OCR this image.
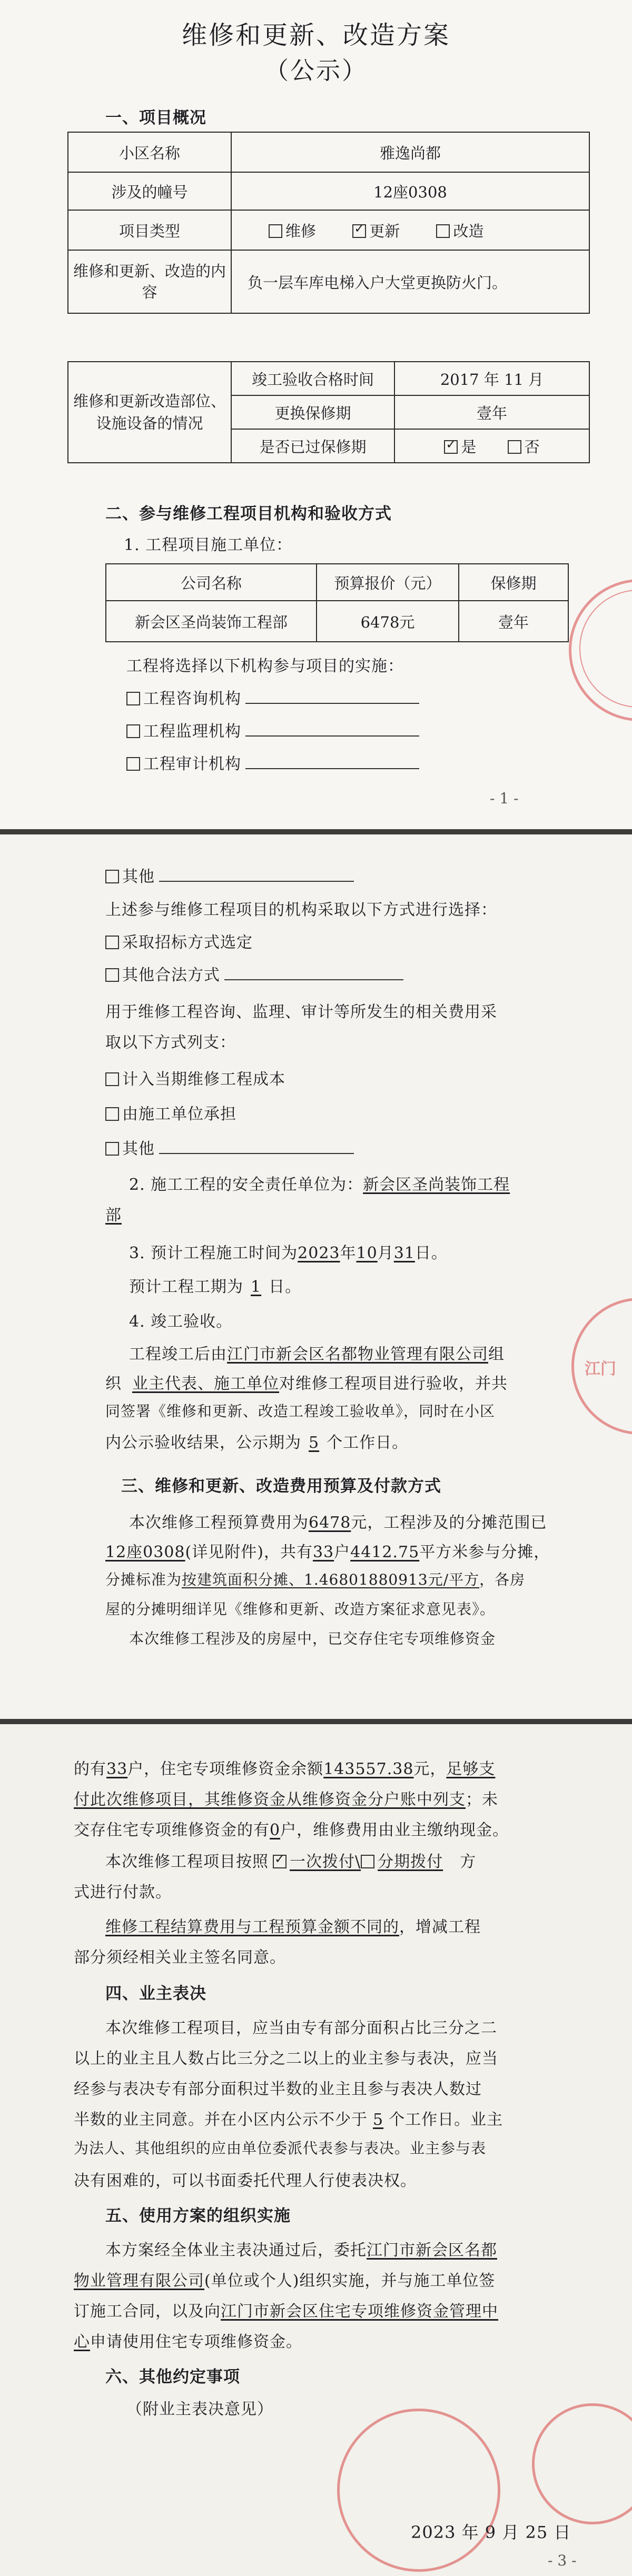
维修和更新、改造方案
（公示）
一、项目概况
小区名称	雅逸尚都
涉及的幢号	12座0308
项目类型	维修 ✓ 更新 改造
维修和更新、改造的内容	负一层车库电梯入户大堂更换防火门。
维修和更新改造部位、设施设备的情况	竣工验收合格时间	2017 年 11 月
	更换保修期	壹年
	是否已过保修期	✓是 否
二、参与维修工程项目机构和验收方式
1. 工程项目施工单位：
公司名称	预算报价（元）	保修期
新会区圣尚装饰工程部	6478元	壹年
工程将选择以下机构参与项目的实施：
工程咨询机构
工程监理机构
工程审计机构
- 1 -
其他
上述参与维修工程项目的机构采取以下方式进行选择：
采取招标方式选定
其他合法方式
用于维修工程咨询、监理、审计等所发生的相关费用采
取以下方式列支：
计入当期维修工程成本
由施工单位承担
其他
2. 施工工程的安全责任单位为：新会区圣尚装饰工程
部
3. 预计工程施工时间为2023年10月31日。
预计工程工期为 1 日。
4. 竣工验收。
工程竣工后由江门市新会区名都物业管理有限公司组
织 业主代表、施工单位对维修工程项目进行验收，并共
同签署《维修和更新、改造工程竣工验收单》，同时在小区
内公示验收结果，公示期为 5 个工作日。
三、维修和更新、改造费用预算及付款方式
本次维修工程预算费用为6478元，工程涉及的分摊范围已
12座0308(详见附件)，共有33户4412.75平方米参与分摊，
分摊标准为按建筑面积分摊、1.46801880913元/平方，各房
屋的分摊明细详见《维修和更新、改造方案征求意见表》。
本次维修工程涉及的房屋中，已交存住宅专项维修资金
江门
的有33户，住宅专项维修资金余额143557.38元，足够支
付此次维修项目，其维修资金从维修资金分户账中列支；未
交存住宅专项维修资金的有0户，维修费用由业主缴纳现金。
本次维修工程项目按照 ✓ 一次拨付\ 分期拨付 方
式进行付款。
维修工程结算费用与工程预算金额不同的，增减工程
部分须经相关业主签名同意。
四、业主表决
本次维修工程项目，应当由专有部分面积占比三分之二
以上的业主且人数占比三分之二以上的业主参与表决，应当
经参与表决专有部分面积过半数的业主且参与表决人数过
半数的业主同意。并在小区内公示不少于 5 个工作日。业主
为法人、其他组织的应由单位委派代表参与表决。业主参与表
决有困难的，可以书面委托代理人行使表决权。
五、使用方案的组织实施
本方案经全体业主表决通过后，委托江门市新会区名都
物业管理有限公司(单位或个人)组织实施，并与施工单位签
订施工合同，以及向江门市新会区住宅专项维修资金管理中
心申请使用住宅专项维修资金。
六、其他约定事项
（附业主表决意见）
2023 年 9 月 25 日
- 3 -
